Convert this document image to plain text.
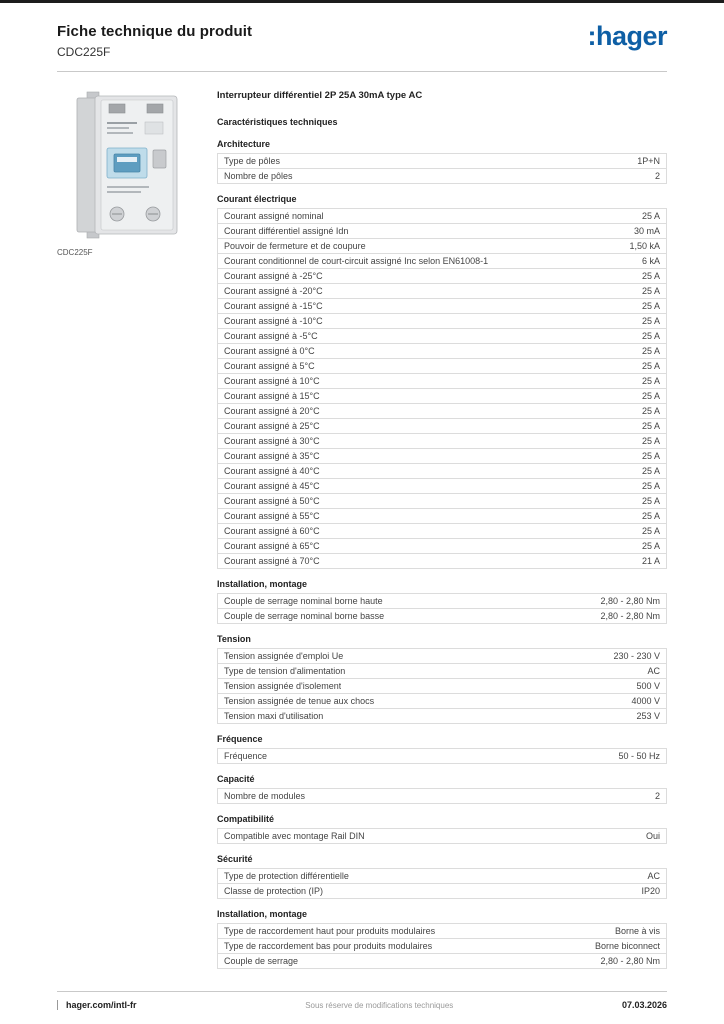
Fiche technique du produit
CDC225F
:hager
CDC225F
Interrupteur différentiel 2P 25A 30mA type AC
Caractéristiques techniques
Architecture
Type de pôles	1P+N
Nombre de pôles	2
Courant électrique
Courant assigné nominal	25 A
Courant différentiel assigné Idn	30 mA
Pouvoir de fermeture et de coupure	1,50 kA
Courant conditionnel de court-circuit assigné Inc selon EN61008-1	6 kA
Courant assigné à -25°C	25 A
Courant assigné à -20°C	25 A
Courant assigné à -15°C	25 A
Courant assigné à -10°C	25 A
Courant assigné à -5°C	25 A
Courant assigné à 0°C	25 A
Courant assigné à 5°C	25 A
Courant assigné à 10°C	25 A
Courant assigné à 15°C	25 A
Courant assigné à 20°C	25 A
Courant assigné à 25°C	25 A
Courant assigné à 30°C	25 A
Courant assigné à 35°C	25 A
Courant assigné à 40°C	25 A
Courant assigné à 45°C	25 A
Courant assigné à 50°C	25 A
Courant assigné à 55°C	25 A
Courant assigné à 60°C	25 A
Courant assigné à 65°C	25 A
Courant assigné à 70°C	21 A
Installation, montage
Couple de serrage nominal borne haute	2,80 - 2,80 Nm
Couple de serrage nominal borne basse	2,80 - 2,80 Nm
Tension
Tension assignée d'emploi Ue	230 - 230 V
Type de tension d'alimentation	AC
Tension assignée d'isolement	500 V
Tension assignée de tenue aux chocs	4000 V
Tension maxi d'utilisation	253 V
Fréquence
Fréquence	50 - 50 Hz
Capacité
Nombre de modules	2
Compatibilité
Compatible avec montage Rail DIN	Oui
Sécurité
Type de protection différentielle	AC
Classe de protection (IP)	IP20
Installation, montage
Type de raccordement haut pour produits modulaires	Borne à vis
Type de raccordement bas pour produits modulaires	Borne biconnect
Couple de serrage	2,80 - 2,80 Nm
hager.com/intl-fr	Sous réserve de modifications techniques	07.03.2026
